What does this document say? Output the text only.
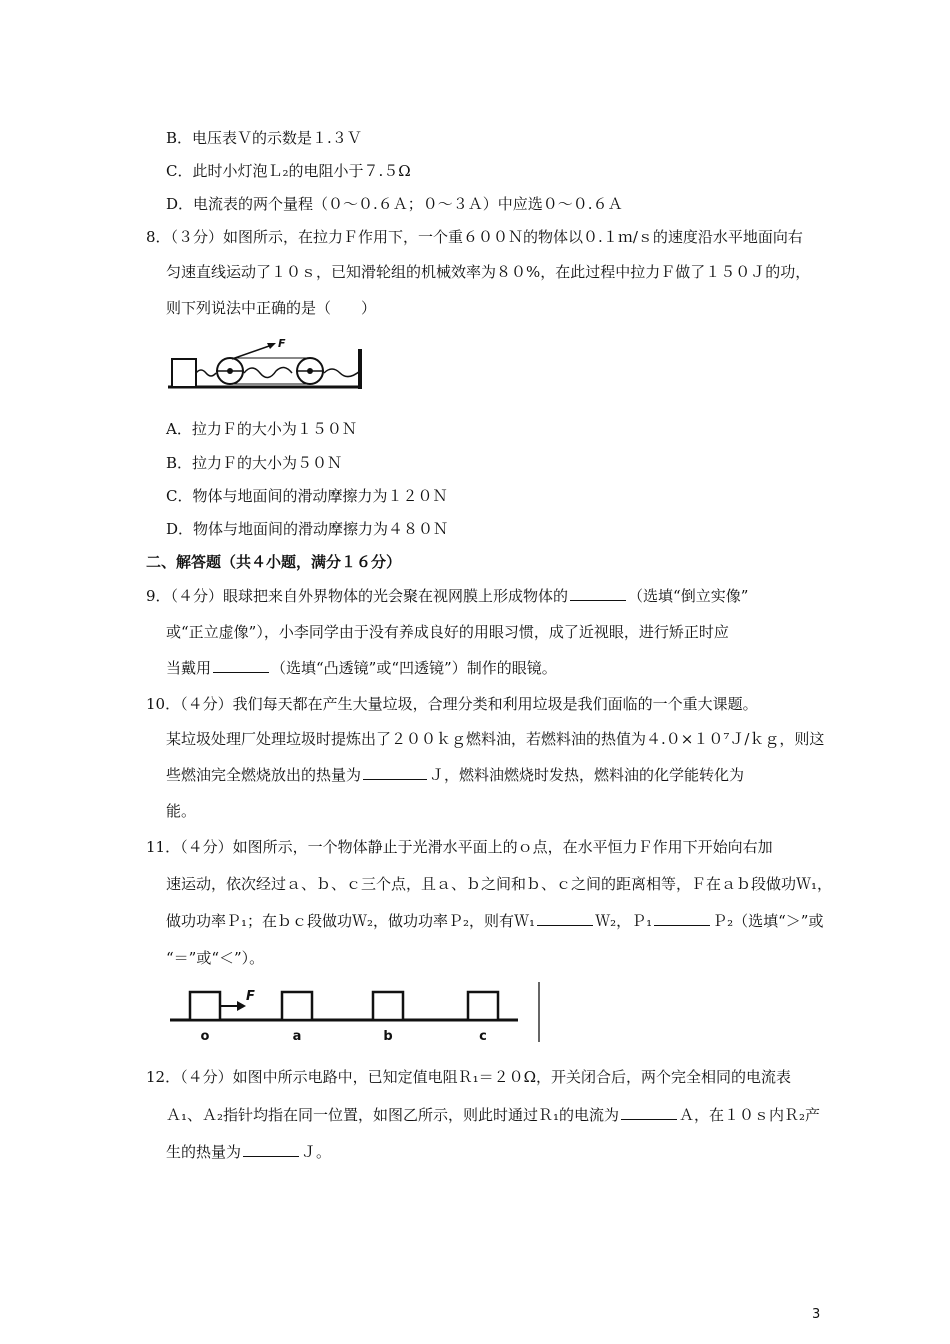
B．电压表Ｖ的示数是１.３Ｖ
C．此时小灯泡Ｌ₂的电阻小于７.５Ω
D．电流表的两个量程（０～０.６Ａ；０～３Ａ）中应选０～０.６Ａ
8．（３分）如图所示，在拉力Ｆ作用下，一个重６００Ｎ的物体以０.１ｍ/ｓ的速度沿水平地面向右
匀速直线运动了１０ｓ，已知滑轮组的机械效率为８０%，在此过程中拉力Ｆ做了１５０Ｊ的功，
则下列说法中正确的是（　　）
F
A．拉力Ｆ的大小为１５０Ｎ
B．拉力Ｆ的大小为５０Ｎ
C．物体与地面间的滑动摩擦力为１２０Ｎ
D．物体与地面间的滑动摩擦力为４８０Ｎ
二、解答题（共４小题，满分１６分）
9．（４分）眼球把来自外界物体的光会聚在视网膜上形成物体的	（选填“倒立实像”
或“正立虚像”），小李同学由于没有养成良好的用眼习惯，成了近视眼，进行矫正时应
当戴用	（选填“凸透镜”或“凹透镜”）制作的眼镜。
10．（４分）我们每天都在产生大量垃圾，合理分类和利用垃圾是我们面临的一个重大课题。
某垃圾处理厂处理垃圾时提炼出了２００ｋｇ燃料油，若燃料油的热值为４.０×１０⁷Ｊ/ｋｇ，则这
些燃油完全燃烧放出的热量为	Ｊ，燃料油燃烧时发热，燃料油的化学能转化为
能。
11．（４分）如图所示，一个物体静止于光滑水平面上的ｏ点，在水平恒力Ｆ作用下开始向右加
速运动，依次经过ａ、ｂ、ｃ三个点，且ａ、ｂ之间和ｂ、ｃ之间的距离相等，Ｆ在ａｂ段做功Ｗ₁，
做功功率Ｐ₁；在ｂｃ段做功Ｗ₂，做功功率Ｐ₂，则有Ｗ₁	Ｗ₂，Ｐ₁	Ｐ₂（选填“＞”或
“＝”或“＜”）。
F
o	a	b	c
12．（４分）如图中所示电路中，已知定值电阻Ｒ₁＝２０Ω，开关闭合后，两个完全相同的电流表
Ａ₁、Ａ₂指针均指在同一位置，如图乙所示，则此时通过Ｒ₁的电流为	Ａ，在１０ｓ内Ｒ₂产
生的热量为	Ｊ。
3
